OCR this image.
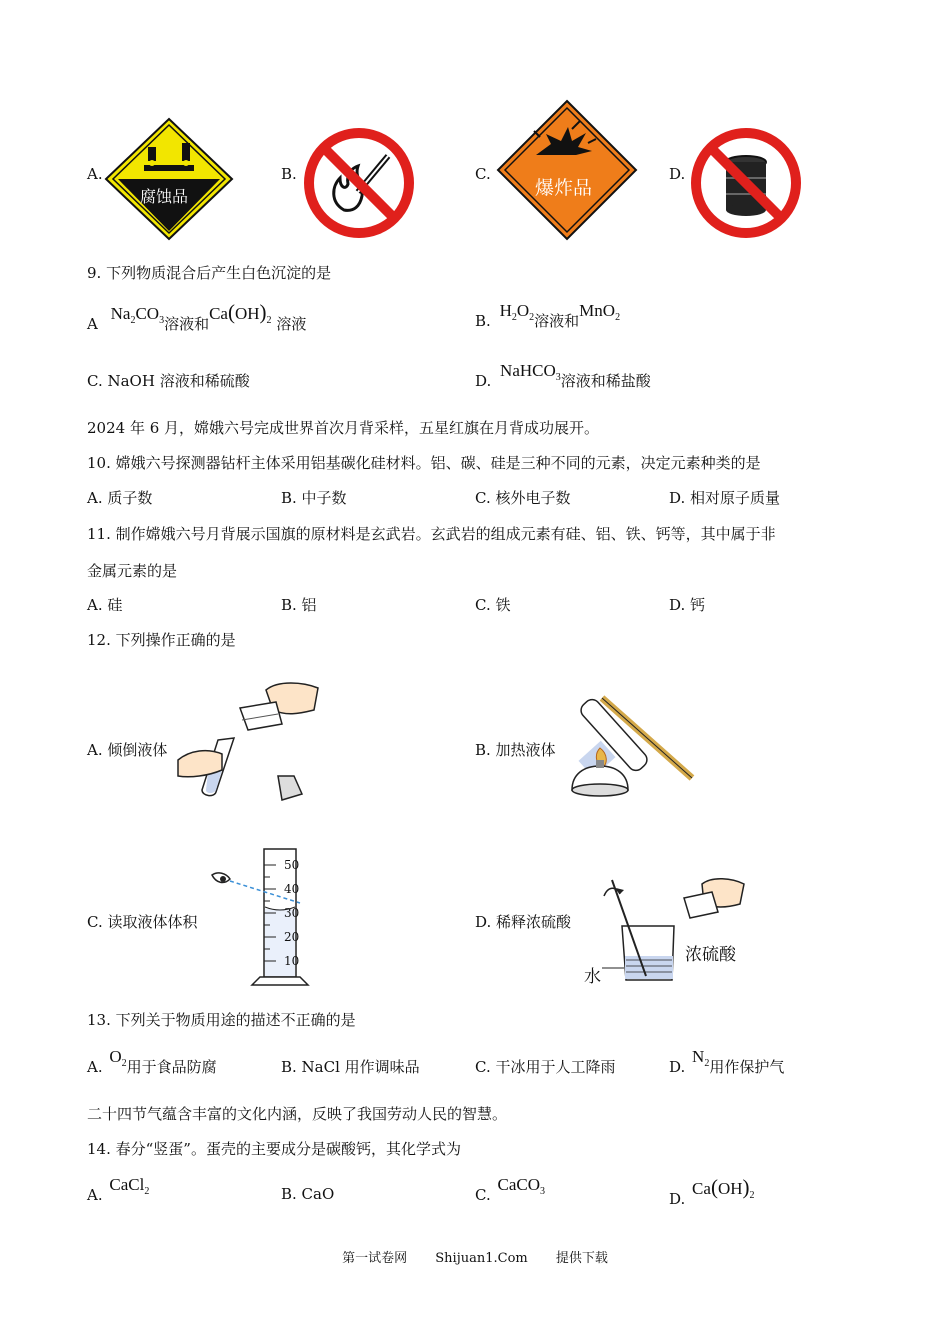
A.
腐蚀品
B.	C.
爆炸品
D.
9. 下列物质混合后产生白色沉淀的是
A $Na_2CO_3$溶液和$Ca(OH)_2$ 溶液	B. $H_2O_2$溶液和MnO$_2$
C. NaOH 溶液和稀硫酸	D. NaHCO$_3$溶液和稀盐酸
2024 年 6 月，嫦娥六号完成世界首次月背采样，五星红旗在月背成功展开。
10. 嫦娥六号探测器钻杆主体采用铝基碳化硅材料。铝、碳、硅是三种不同的元素，决定元素种类的是
A. 质子数	B. 中子数	C. 核外电子数	D. 相对原子质量
11. 制作嫦娥六号月背展示国旗的原材料是玄武岩。玄武岩的组成元素有硅、铝、铁、钙等，其中属于非
金属元素的是
A. 硅	B. 铝	C. 铁	D. 钙
12. 下列操作正确的是
A. 倾倒液体	B. 加热液体
C. 读取液体体积
50
40
30
20
10
D. 稀释浓硫酸
浓硫酸
水
13. 下列关于物质用途的描述不正确的是
A. $O_2$用于食品防腐	B. NaCl 用作调味品	C. 干冰用于人工降雨	D. $N_2$用作保护气
二十四节气蕴含丰富的文化内涵，反映了我国劳动人民的智慧。
14. 春分“竖蛋”。蛋壳的主要成分是碳酸钙，其化学式为
A. CaCl$_2$	B. CaO	C. CaCO$_3$	D. $Ca(OH)_2$
第一试卷网 Shijuan1.Com 提供下载
